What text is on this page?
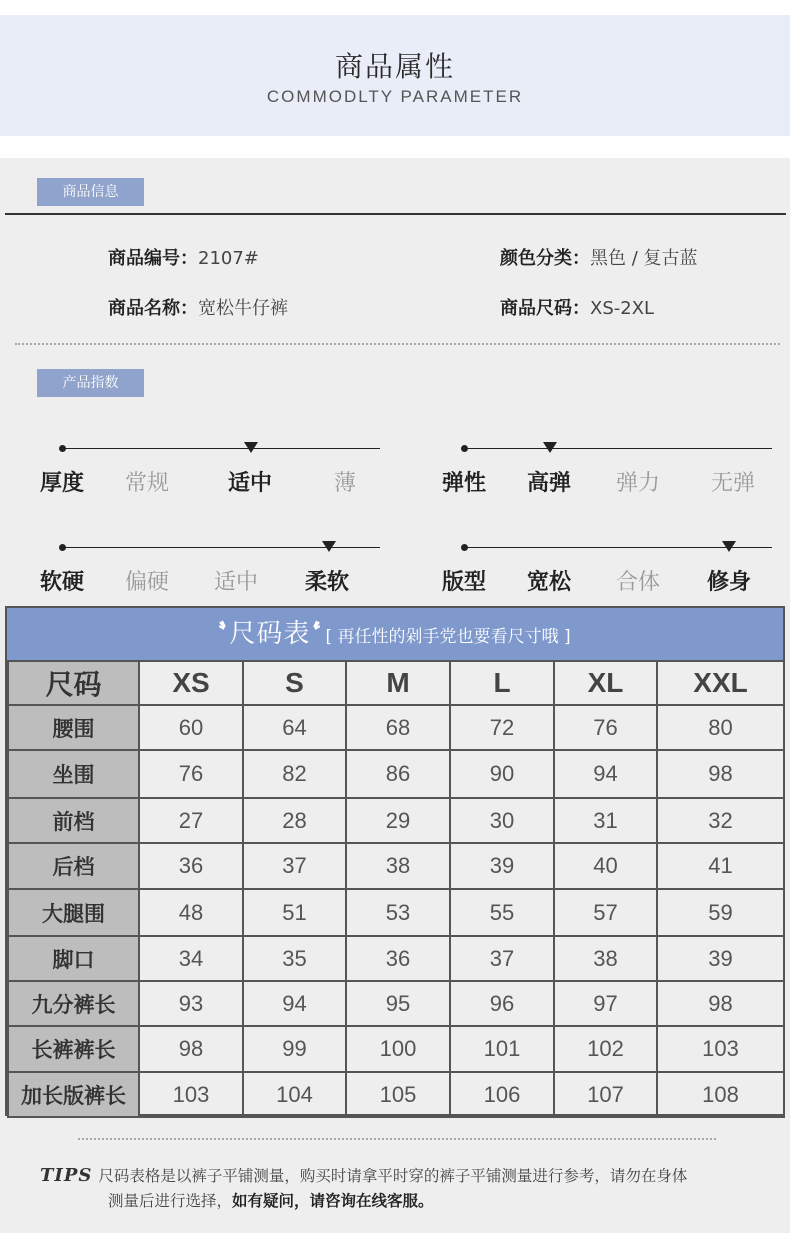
商品属性
COMMODLTY PARAMETER
商品信息
商品编号：2107#	颜色分类：黑色 / 复古蓝
商品名称：宽松牛仔裤	商品尺码：XS-2XL
产品指数
厚度 常规	适中	薄	弹性 高弹 弹力 无弹
软硬 偏硬 适中 柔软	版型 宽松 合体 修身
尺码表 [ 再任性的剁手党也要看尺寸哦 ]
尺码	XS	S	M	L	XL	XXL
腰围	60	64	68	72	76	80
坐围	76	82	86	90	94	98
前档	27	28	29	30	31	32
后档	36	37	38	39	40	41
大腿围	48	51	53	55	57	59
脚口	34	35	36	37	38	39
九分裤长	93	94	95	96	97	98
长裤裤长	98	99	100	101	102	103
加长版裤长	103	104	105	106	107	108
TIPS 尺码表格是以裤子平铺测量，购买时请拿平时穿的裤子平铺测量进行参考，请勿在身体
测量后进行选择，如有疑问，请咨询在线客服。
